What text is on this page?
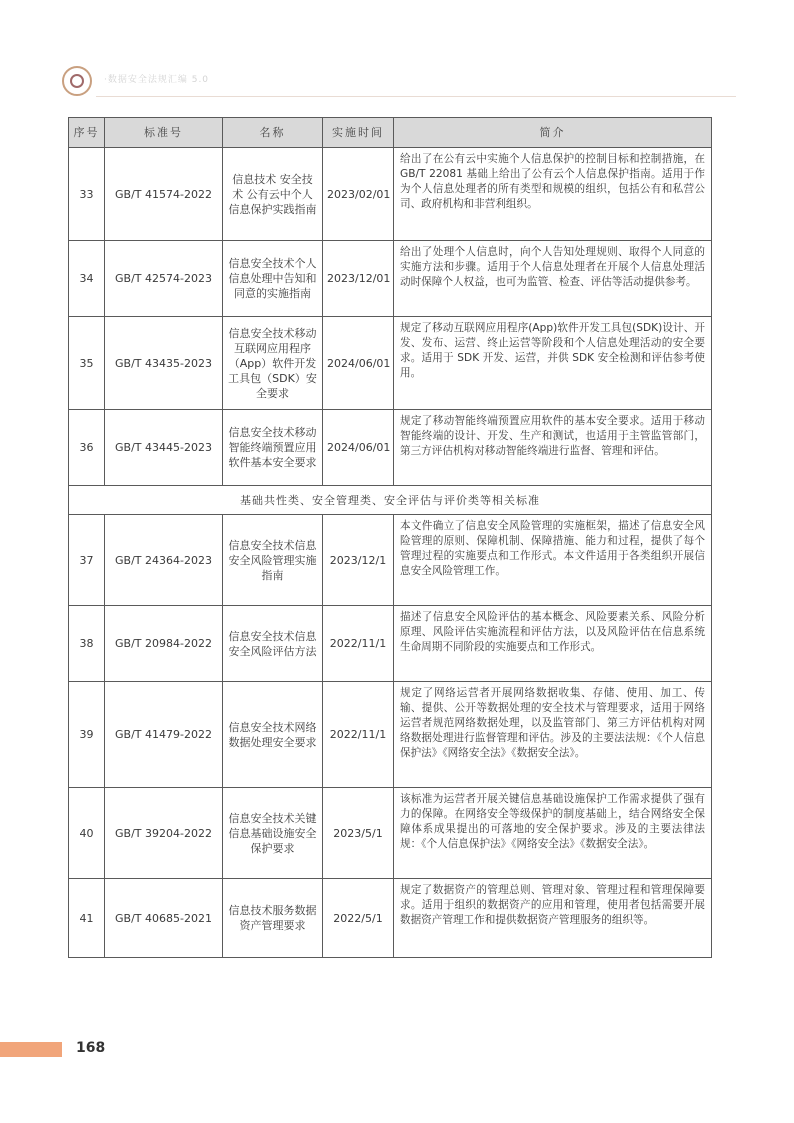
·数据安全法规汇编 5.0
序号	标准号	名称	实施时间	简介
33	GB/T 41574-2022	信息技术 安全技术 公有云中个人信息保护实践指南	2023/02/01	给出了在公有云中实施个人信息保护的控制目标和控制措施，在 GB/T 22081 基础上给出了公有云个人信息保护指南。适用于作为个人信息处理者的所有类型和规模的组织，包括公有和私营公司、政府机构和非营利组织。
34	GB/T 42574-2023	信息安全技术个人信息处理中告知和同意的实施指南	2023/12/01	给出了处理个人信息时，向个人告知处理规则、取得个人同意的实施方法和步骤。适用于个人信息处理者在开展个人信息处理活动时保障个人权益，也可为监管、检查、评估等活动提供参考。
35	GB/T 43435-2023	信息安全技术移动互联网应用程序（App）软件开发工具包（SDK）安全要求	2024/06/01	规定了移动互联网应用程序(App)软件开发工具包(SDK)设计、开发、发布、运营、终止运营等阶段和个人信息处理活动的安全要求。适用于 SDK 开发、运营，并供 SDK 安全检测和评估参考使用。
36	GB/T 43445-2023	信息安全技术移动智能终端预置应用软件基本安全要求	2024/06/01	规定了移动智能终端预置应用软件的基本安全要求。适用于移动智能终端的设计、开发、生产和测试，也适用于主管监管部门，第三方评估机构对移动智能终端进行监督、管理和评估。
基础共性类、安全管理类、安全评估与评价类等相关标准				
37	GB/T 24364-2023	信息安全技术信息安全风险管理实施指南	2023/12/1	本文件确立了信息安全风险管理的实施框架，描述了信息安全风险管理的原则、保障机制、保障措施、能力和过程，提供了每个管理过程的实施要点和工作形式。本文件适用于各类组织开展信息安全风险管理工作。
38	GB/T 20984-2022	信息安全技术信息安全风险评估方法	2022/11/1	描述了信息安全风险评估的基本概念、风险要素关系、风险分析原理、风险评估实施流程和评估方法，以及风险评估在信息系统生命周期不同阶段的实施要点和工作形式。
39	GB/T 41479-2022	信息安全技术网络数据处理安全要求	2022/11/1	规定了网络运营者开展网络数据收集、存储、使用、加工、传输、提供、公开等数据处理的安全技术与管理要求，适用于网络运营者规范网络数据处理，以及监管部门、第三方评估机构对网络数据处理进行监督管理和评估。涉及的主要法法规：《个人信息保护法》《网络安全法》《数据安全法》。
40	GB/T 39204-2022	信息安全技术关键信息基础设施安全保护要求	2023/5/1	该标准为运营者开展关键信息基础设施保护工作需求提供了强有力的保障。在网络安全等级保护的制度基础上，结合网络安全保障体系成果提出的可落地的安全保护要求。涉及的主要法律法规：《个人信息保护法》《网络安全法》《数据安全法》。
41	GB/T 40685-2021	信息技术服务数据资产管理要求	2022/5/1	规定了数据资产的管理总则、管理对象、管理过程和管理保障要求。适用于组织的数据资产的应用和管理，使用者包括需要开展数据资产管理工作和提供数据资产管理服务的组织等。
168
